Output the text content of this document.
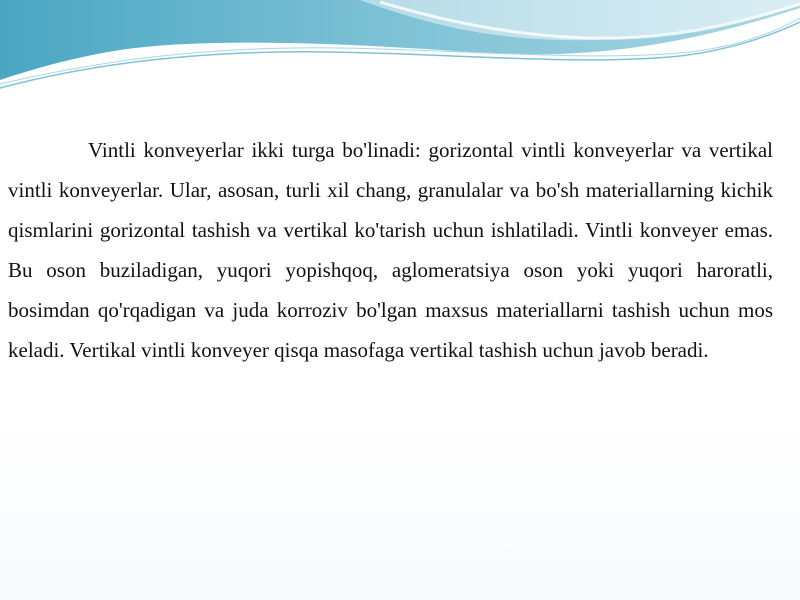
Vintli konveyerlar ikki turga bo'linadi: gorizontal vintli konveyerlar va vertikal vintli konveyerlar. Ular, asosan, turli xil chang, granulalar va bo'sh materiallarning kichik qismlarini gorizontal tashish va vertikal ko'tarish uchun ishlatiladi. Vintli konveyer emas. Bu oson buziladigan, yuqori yopishqoq, aglomeratsiya oson yoki yuqori haroratli, bosimdan qo'rqadigan va juda korroziv bo'lgan maxsus materiallarni tashish uchun mos keladi. Vertikal vintli konveyer qisqa masofaga vertikal tashish uchun javob beradi.
